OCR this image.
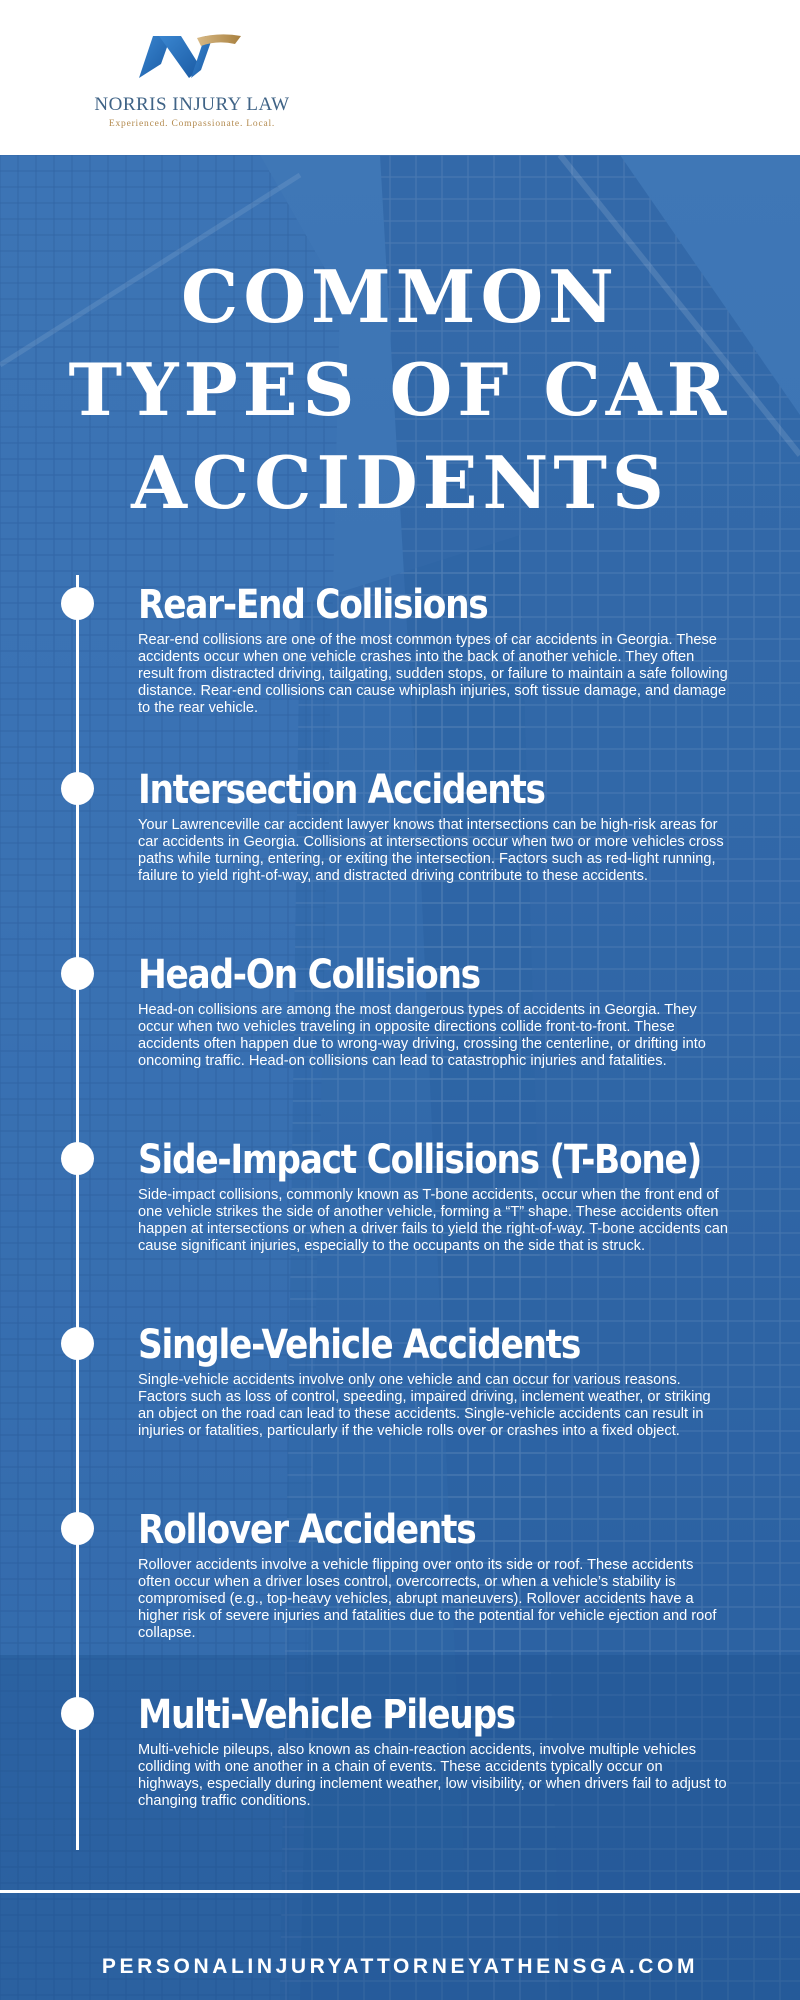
NORRIS INJURY LAW
Experienced. Compassionate. Local.
COMMON
TYPES OF CAR
ACCIDENTS
Rear-End Collisions

Rear-end collisions are one of the most common types of car accidents in Georgia. These accidents occur when one vehicle crashes into the back of another vehicle. They often result from distracted driving, tailgating, sudden stops, or failure to maintain a safe following distance. Rear-end collisions can cause whiplash injuries, soft tissue damage, and damage to the rear vehicle.

Intersection Accidents

Your Lawrenceville car accident lawyer knows that intersections can be high-risk areas for car accidents in Georgia. Collisions at intersections occur when two or more vehicles cross paths while turning, entering, or exiting the intersection. Factors such as red-light running, failure to yield right-of-way, and distracted driving contribute to these accidents.

Head-On Collisions

Head-on collisions are among the most dangerous types of accidents in Georgia. They occur when two vehicles traveling in opposite directions collide front-to-front. These accidents often happen due to wrong-way driving, crossing the centerline, or drifting into oncoming traffic. Head-on collisions can lead to catastrophic injuries and fatalities.

Side-Impact Collisions (T-Bone)

Side-impact collisions, commonly known as T-bone accidents, occur when the front end of one vehicle strikes the side of another vehicle, forming a “T” shape. These accidents often happen at intersections or when a driver fails to yield the right-of-way. T-bone accidents can cause significant injuries, especially to the occupants on the side that is struck.

Single-Vehicle Accidents

Single-vehicle accidents involve only one vehicle and can occur for various reasons. Factors such as loss of control, speeding, impaired driving, inclement weather, or striking an object on the road can lead to these accidents. Single-vehicle accidents can result in injuries or fatalities, particularly if the vehicle rolls over or crashes into a fixed object.

Rollover Accidents

Rollover accidents involve a vehicle flipping over onto its side or roof. These accidents often occur when a driver loses control, overcorrects, or when a vehicle’s stability is compromised (e.g., top-heavy vehicles, abrupt maneuvers). Rollover accidents have a higher risk of severe injuries and fatalities due to the potential for vehicle ejection and roof collapse.

Multi-Vehicle Pileups

Multi-vehicle pileups, also known as chain-reaction accidents, involve multiple vehicles colliding with one another in a chain of events. These accidents typically occur on highways, especially during inclement weather, low visibility, or when drivers fail to adjust to changing traffic conditions.

PERSONALINJURYATTORNEYATHENSGA.COM
